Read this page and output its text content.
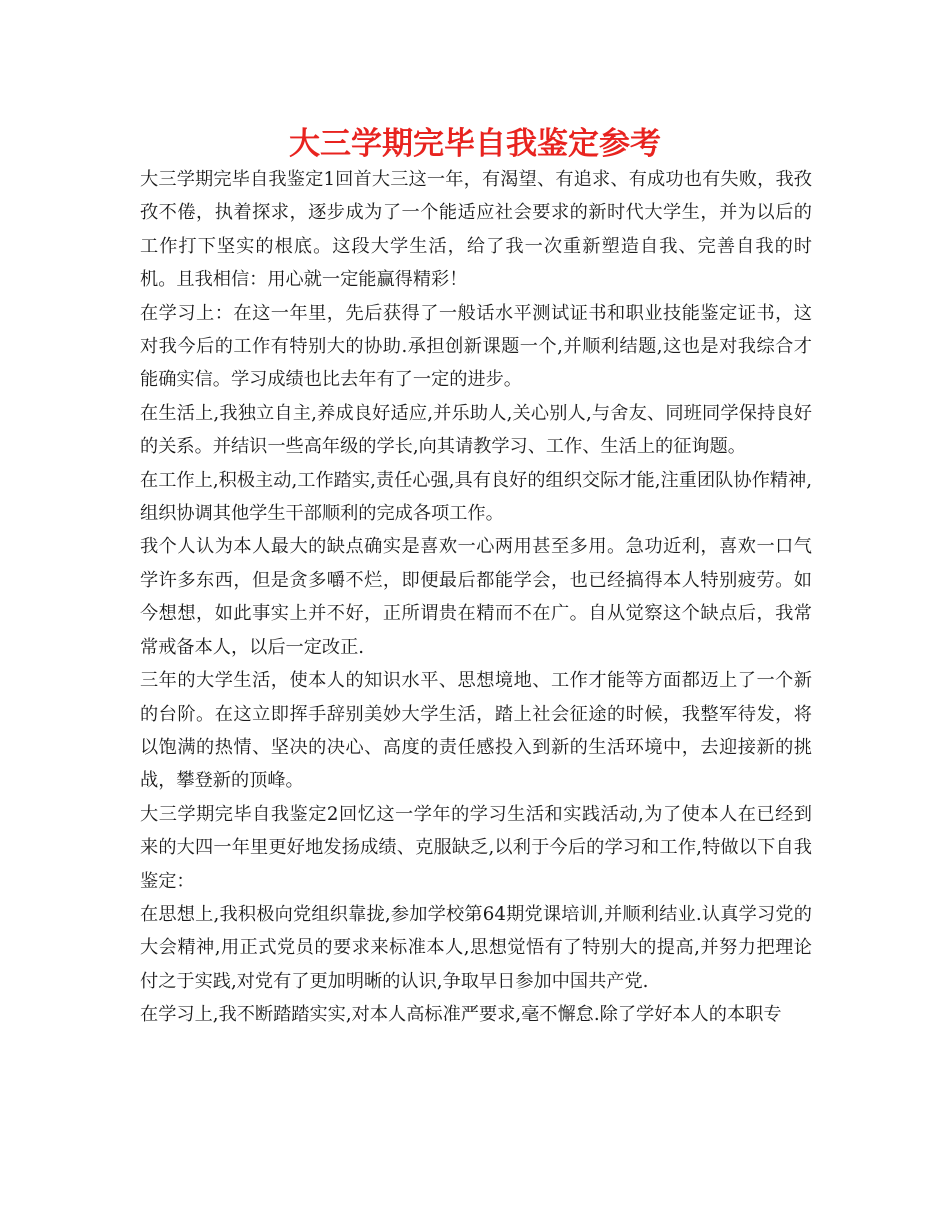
大三学期完毕自我鉴定参考

大三学期完毕自我鉴定1回首大三这一年，有渴望、有追求、有成功也有失败，我孜孜不倦，执着探求，逐步成为了一个能适应社会要求的新时代大学生，并为以后的工作打下坚实的根底。这段大学生活，给了我一次重新塑造自我、完善自我的时机。且我相信：用心就一定能赢得精彩！

在学习上：在这一年里，先后获得了一般话水平测试证书和职业技能鉴定证书，这对我今后的工作有特别大的协助.承担创新课题一个,并顺利结题,这也是对我综合才能确实信。学习成绩也比去年有了一定的进步。

在生活上,我独立自主,养成良好适应,并乐助人,关心别人,与舍友、同班同学保持良好的关系。并结识一些高年级的学长,向其请教学习、工作、生活上的征询题。

在工作上,积极主动,工作踏实,责任心强,具有良好的组织交际才能,注重团队协作精神,组织协调其他学生干部顺利的完成各项工作。

我个人认为本人最大的缺点确实是喜欢一心两用甚至多用。急功近利，喜欢一口气学许多东西，但是贪多嚼不烂，即便最后都能学会，也已经搞得本人特别疲劳。如今想想，如此事实上并不好，正所谓贵在精而不在广。自从觉察这个缺点后，我常常戒备本人，以后一定改正.

三年的大学生活，使本人的知识水平、思想境地、工作才能等方面都迈上了一个新的台阶。在这立即挥手辞别美妙大学生活，踏上社会征途的时候，我整军待发，将以饱满的热情、坚决的决心、高度的责任感投入到新的生活环境中，去迎接新的挑战，攀登新的顶峰。

大三学期完毕自我鉴定2回忆这一学年的学习生活和实践活动,为了使本人在已经到来的大四一年里更好地发扬成绩、克服缺乏,以利于今后的学习和工作,特做以下自我鉴定：

在思想上,我积极向党组织靠拢,参加学校第64期党课培训,并顺利结业.认真学习党的大会精神,用正式党员的要求来标准本人,思想觉悟有了特别大的提高,并努力把理论付之于实践,对党有了更加明晰的认识,争取早日参加中国共产党.

在学习上,我不断踏踏实实,对本人高标准严要求,毫不懈怠.除了学好本人的本职专
